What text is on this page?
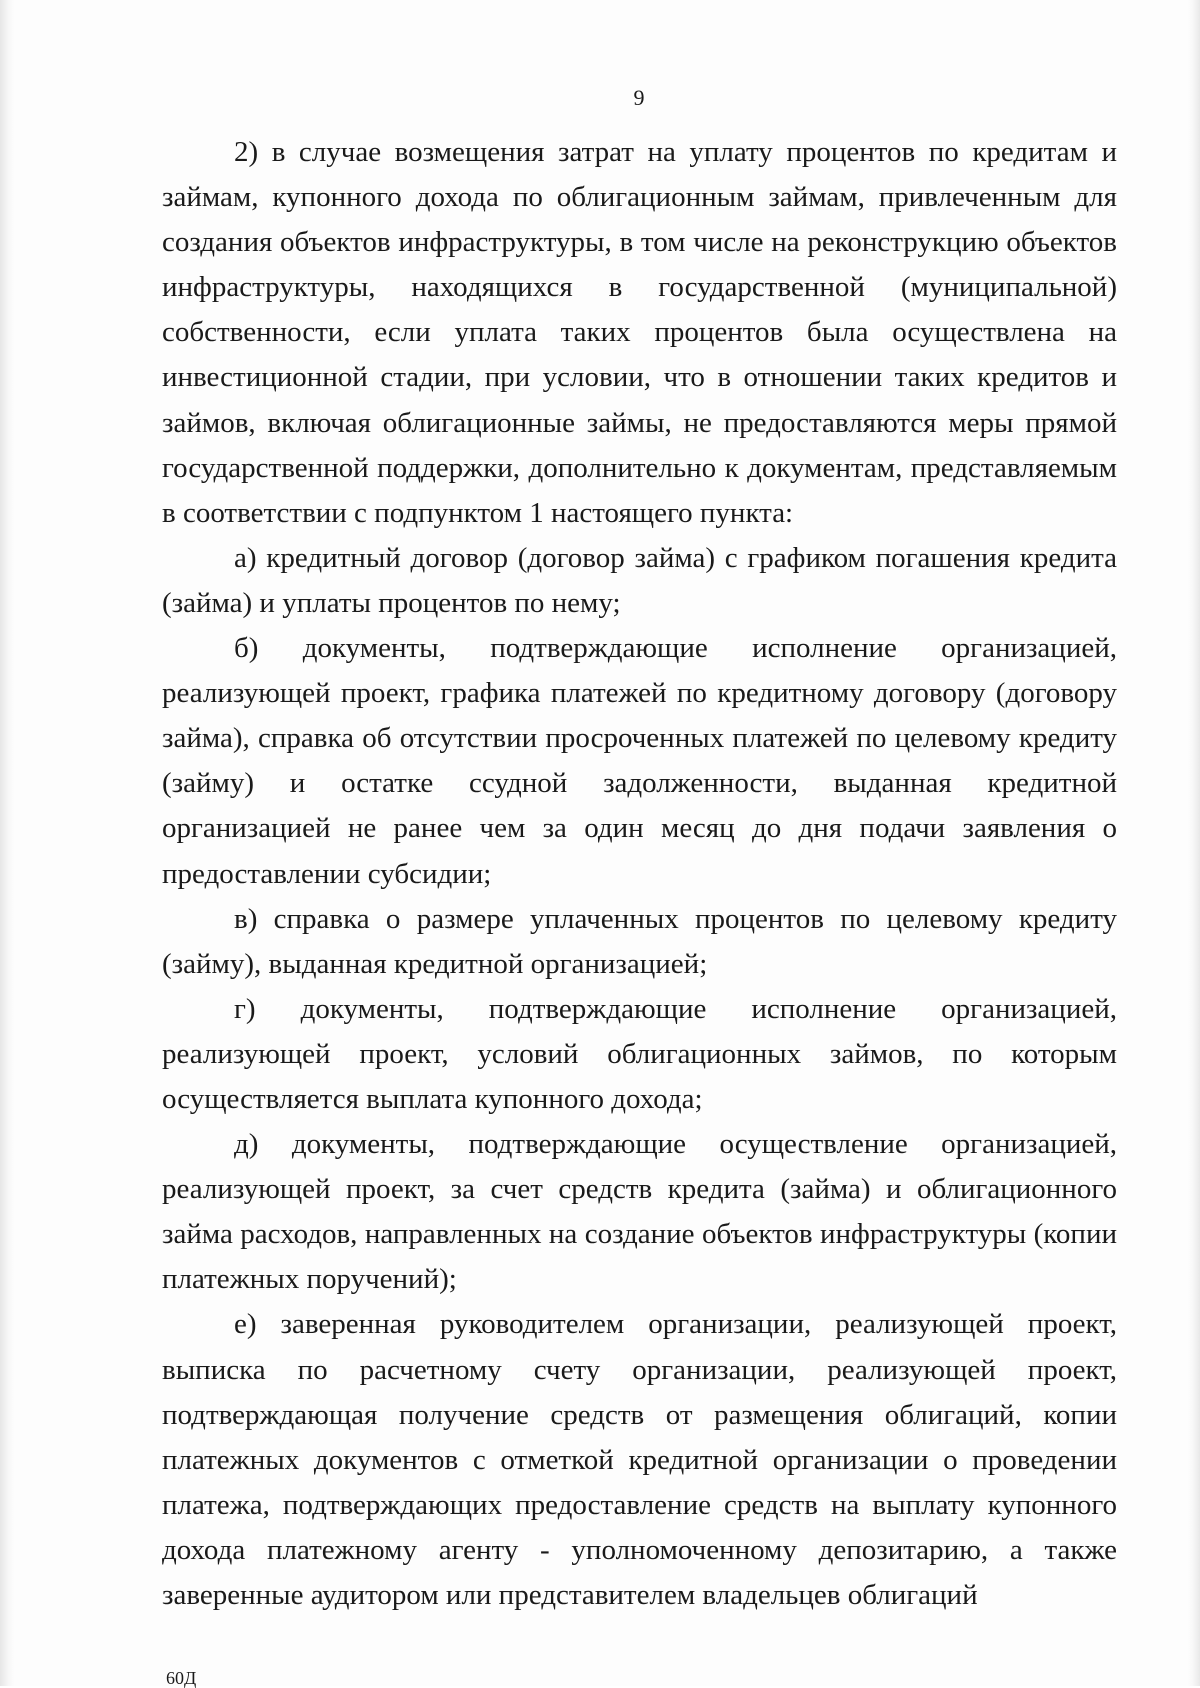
9

2) в случае возмещения затрат на уплату процентов по кредитам и займам, купонного дохода по облигационным займам, привлеченным для создания объектов инфраструктуры, в том числе на реконструкцию объектов инфраструктуры, находящихся в государственной (муниципальной) собственности, если уплата таких процентов была осуществлена на инвестиционной стадии, при условии, что в отношении таких кредитов и займов, включая облигационные займы, не предоставляются меры прямой государственной поддержки, дополнительно к документам, представляемым в соответствии с подпунктом 1 настоящего пункта:

а) кредитный договор (договор займа) с графиком погашения кредита (займа) и уплаты процентов по нему;

б) документы, подтверждающие исполнение организацией, реализующей проект, графика платежей по кредитному договору (договору займа), справка об отсутствии просроченных платежей по целевому кредиту (займу) и остатке ссудной задолженности, выданная кредитной организацией не ранее чем за один месяц до дня подачи заявления о предоставлении субсидии;

в) справка о размере уплаченных процентов по целевому кредиту (займу), выданная кредитной организацией;

г) документы, подтверждающие исполнение организацией, реализующей проект, условий облигационных займов, по которым осуществляется выплата купонного дохода;

д) документы, подтверждающие осуществление организацией, реализующей проект, за счет средств кредита (займа) и облигационного займа расходов, направленных на создание объектов инфраструктуры (копии платежных поручений);

е) заверенная руководителем организации, реализующей проект, выписка по расчетному счету организации, реализующей проект, подтверждающая получение средств от размещения облигаций, копии платежных документов с отметкой кредитной организации о проведении платежа, подтверждающих предоставление средств на выплату купонного дохода платежному агенту - уполномоченному депозитарию, а также заверенные аудитором или представителем владельцев облигаций

60Д
